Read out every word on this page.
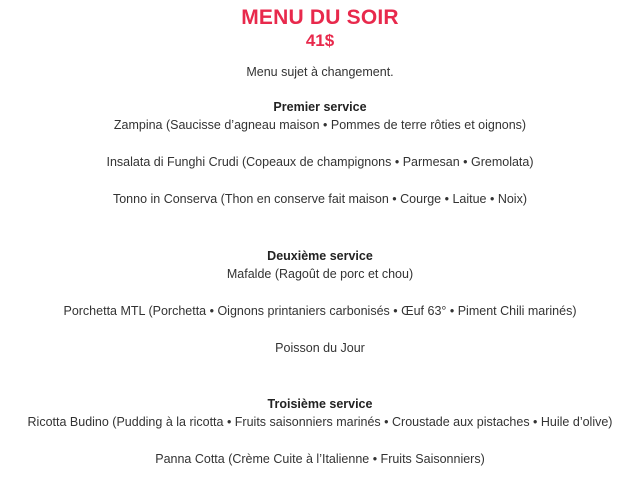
MENU DU SOIR
41$
Menu sujet à changement.
Premier service
Zampina (Saucisse d’agneau maison • Pommes de terre rôties et oignons)
Insalata di Funghi Crudi (Copeaux de champignons • Parmesan • Gremolata)
Tonno in Conserva (Thon en conserve fait maison • Courge • Laitue • Noix)
Deuxième service
Mafalde (Ragoût de porc et chou)
Porchetta MTL (Porchetta • Oignons printaniers carbonisés • Œuf 63° • Piment Chili marinés)
Poisson du Jour
Troisième service
Ricotta Budino (Pudding à la ricotta • Fruits saisonniers marinés • Croustade aux pistaches • Huile d’olive)
Panna Cotta (Crème Cuite à l’Italienne • Fruits Saisonniers)
